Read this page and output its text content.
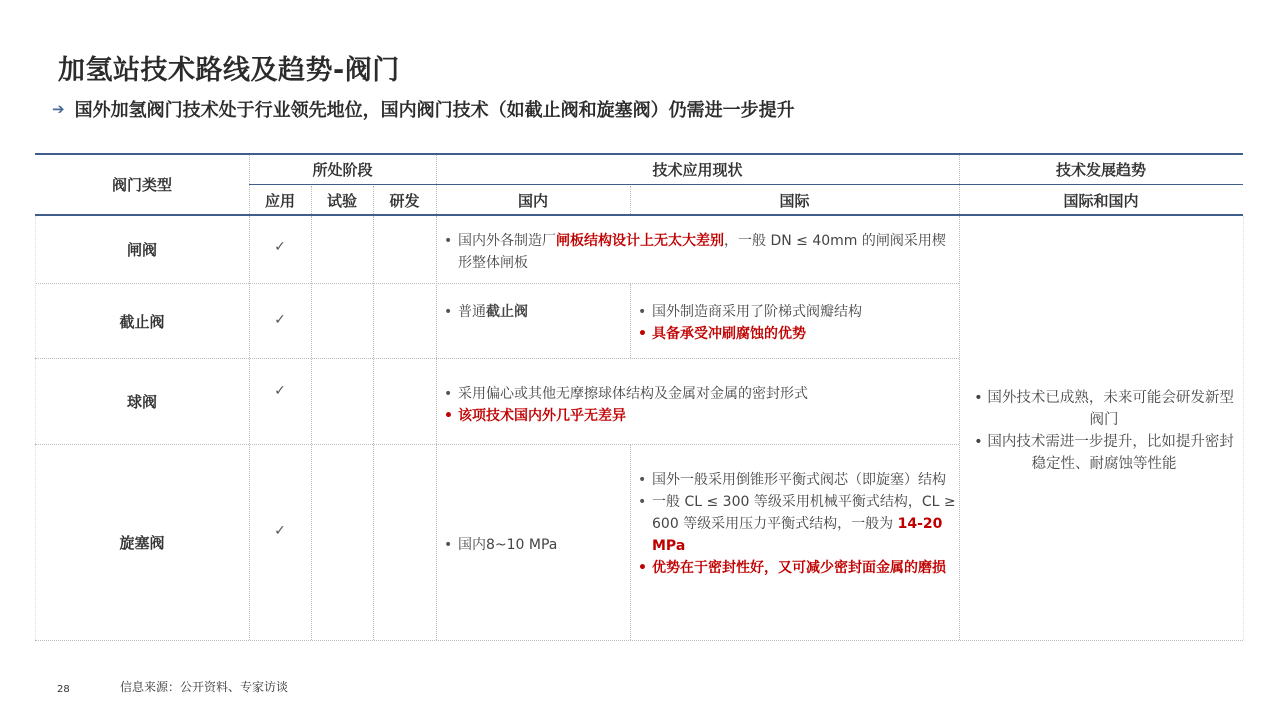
加氢站技术路线及趋势-阀门
➔ 国外加氢阀门技术处于行业领先地位，国内阀门技术（如截止阀和旋塞阀）仍需进一步提升
阀门类型
所处阶段	技术应用现状	技术发展趋势
应用	试验	研发	国内	国际	国际和国内
闸阀
截止阀
球阀
旋塞阀
✓
✓
✓
✓
• 国内外各制造厂闸板结构设计上无太大差别，一般 DN ≤ 40mm 的闸阀采用楔形整体闸板
• 普通截止阀
•	国外制造商采用了阶梯式阀瓣结构
• 具备承受冲刷腐蚀的优势
• 采用偏心或其他无摩擦球体结构及金属对金属的密封形式
• 该项技术国内外几乎无差异
• 国内8~10 MPa
• 国外一般采用倒锥形平衡式阀芯（即旋塞）结构
• 一般 CL ≤ 300 等级采用机械平衡式结构，CL ≥ 600 等级采用压力平衡式结构，一般为 14-20 MPa
• 优势在于密封性好，又可减少密封面金属的磨损
• 国外技术已成熟，未来可能会研发新型阀门
• 国内技术需进一步提升，比如提升密封稳定性、耐腐蚀等性能
28	信息来源：公开资料、专家访谈
